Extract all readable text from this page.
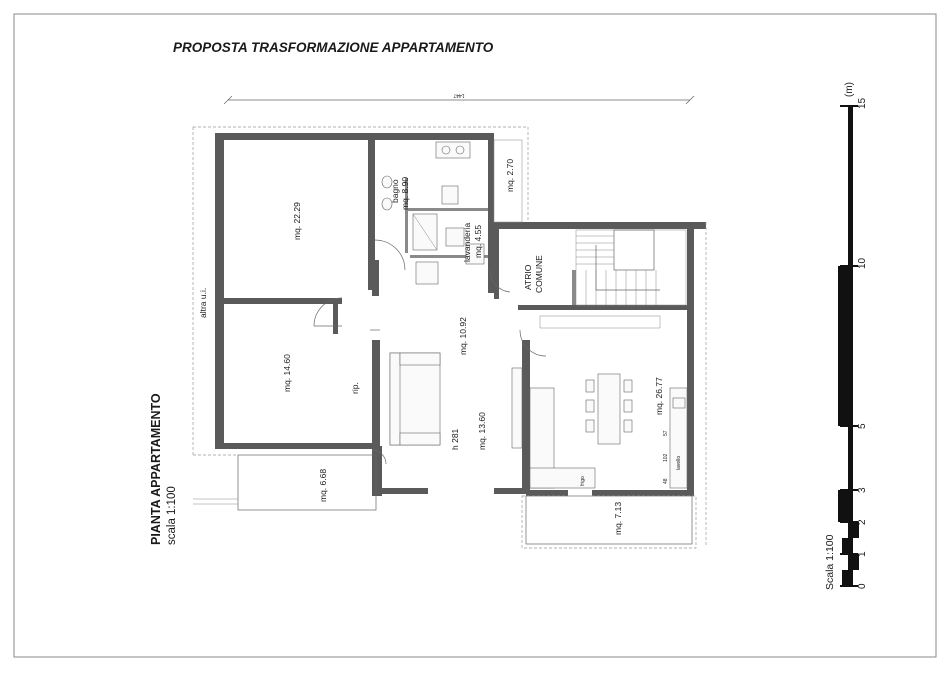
PROPOSTA TRASFORMAZIONE APPARTAMENTO
1447
PIANTA APPARTAMENTO scala 1:100
mq. 22.29
mq. 14.60
bagno mq. 8.90
mq. 2.70
lavanderia mq. 4.55
ATRIO COMUNE
mq. 10.92
mq. 13.60
h 281
mq. 26.77
rip.
altra u.i.
mq. 6.68
mq. 7.13
frigo
57
102
48
lavello
0
1
2
3
5
10
15
(m)
Scala 1:100
